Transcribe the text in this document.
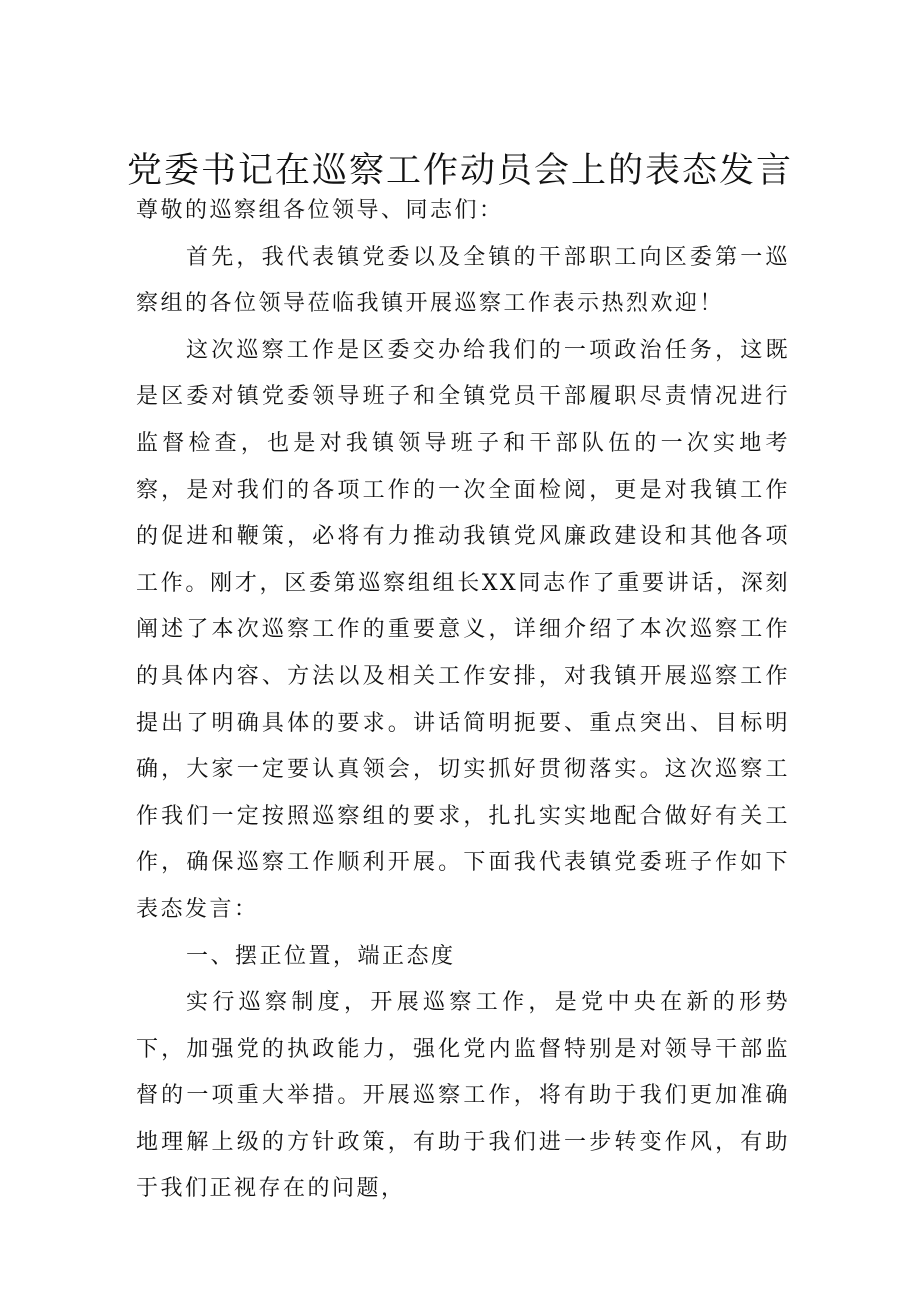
党委书记在巡察工作动员会上的表态发言

尊敬的巡察组各位领导、同志们：

首先，我代表镇党委以及全镇的干部职工向区委第一巡察组的各位领导莅临我镇开展巡察工作表示热烈欢迎！

这次巡察工作是区委交办给我们的一项政治任务，这既是区委对镇党委领导班子和全镇党员干部履职尽责情况进行监督检查，也是对我镇领导班子和干部队伍的一次实地考察，是对我们的各项工作的一次全面检阅，更是对我镇工作的促进和鞭策，必将有力推动我镇党风廉政建设和其他各项工作。刚才，区委第巡察组组长XX同志作了重要讲话，深刻阐述了本次巡察工作的重要意义，详细介绍了本次巡察工作的具体内容、方法以及相关工作安排，对我镇开展巡察工作提出了明确具体的要求。讲话简明扼要、重点突出、目标明确，大家一定要认真领会，切实抓好贯彻落实。这次巡察工作我们一定按照巡察组的要求，扎扎实实地配合做好有关工作，确保巡察工作顺利开展。下面我代表镇党委班子作如下表态发言：

一、摆正位置，端正态度

实行巡察制度，开展巡察工作，是党中央在新的形势下，加强党的执政能力，强化党内监督特别是对领导干部监督的一项重大举措。开展巡察工作，将有助于我们更加准确地理解上级的方针政策，有助于我们进一步转变作风，有助于我们正视存在的问题，
